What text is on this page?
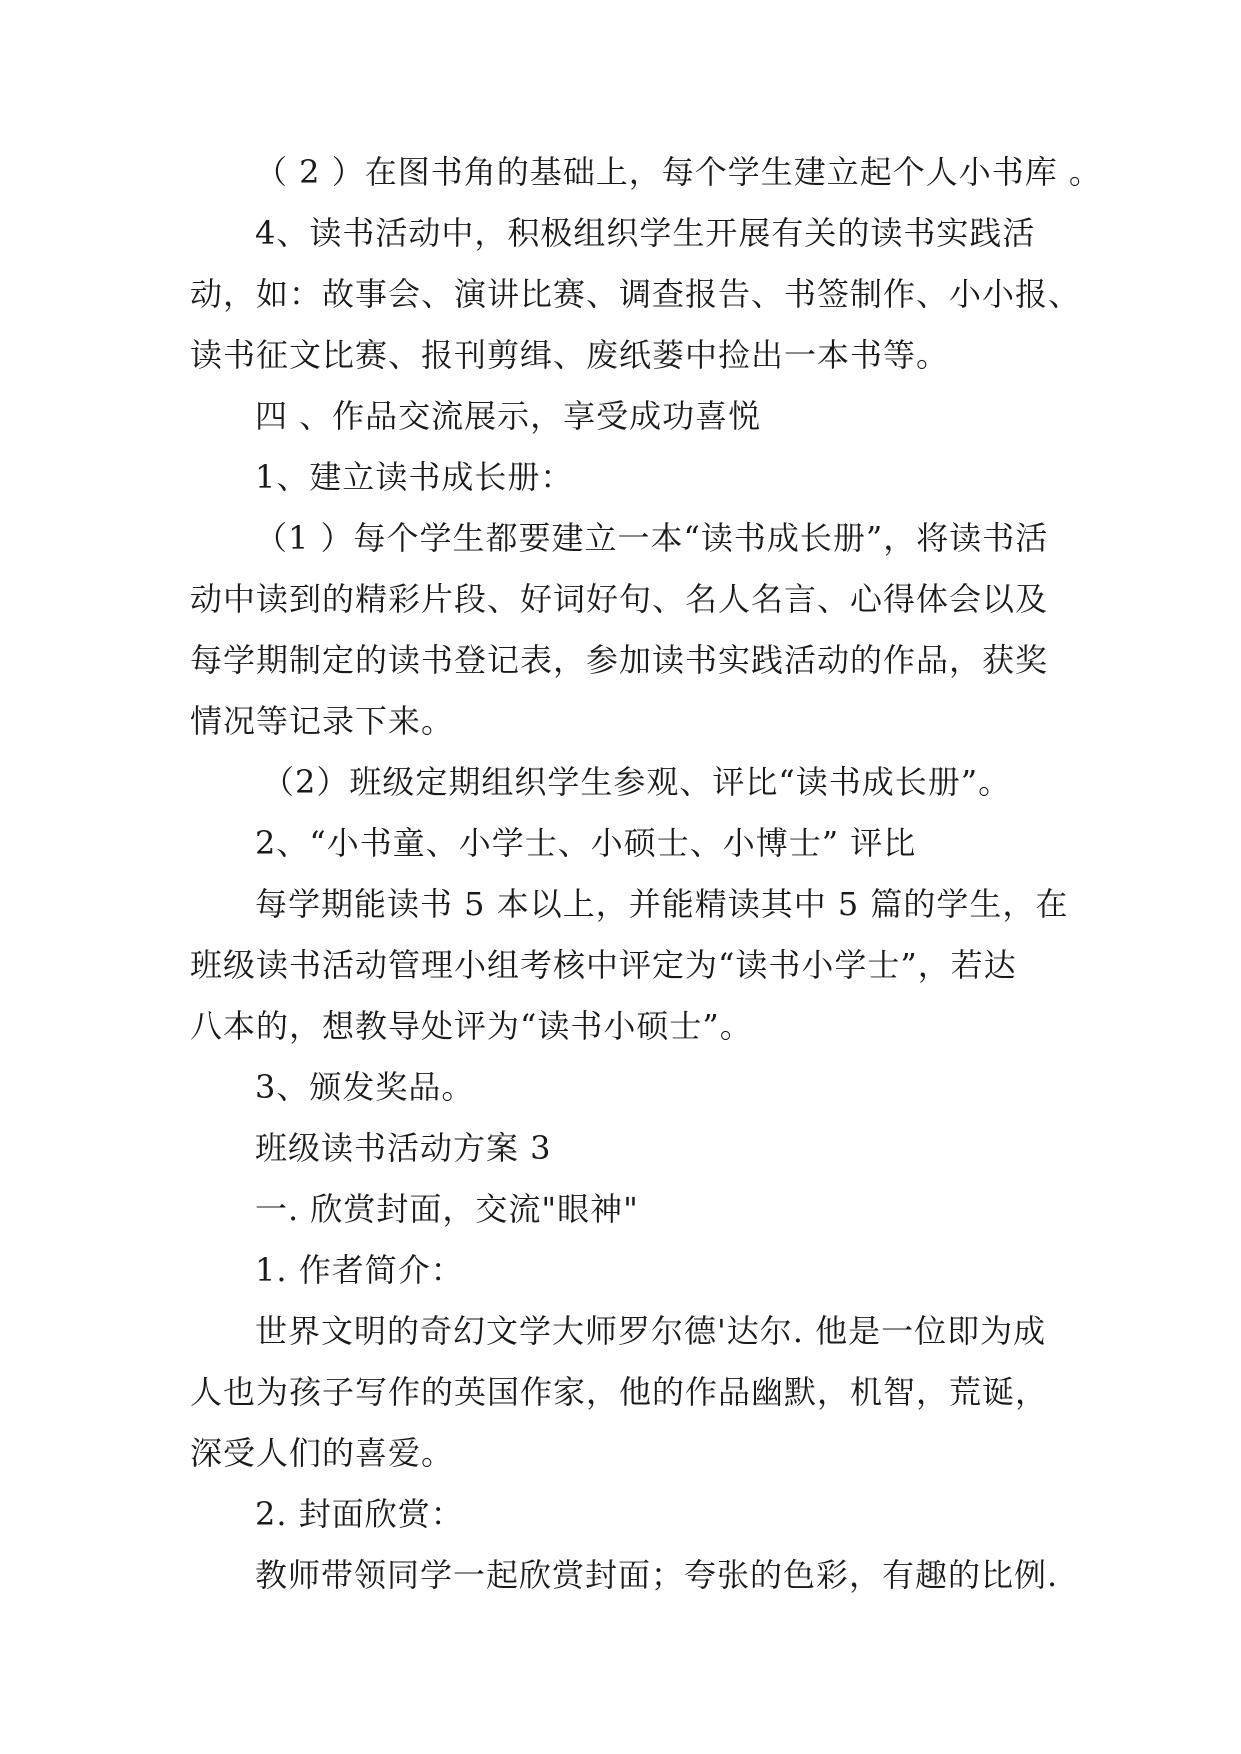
（ 2 ）在图书角的基础上，每个学生建立起个人小书库 。
4、读书活动中，积极组织学生开展有关的读书实践活
动，如：故事会、演讲比赛、调查报告、书签制作、小小报、
读书征文比赛、报刊剪缉、废纸蒌中捡出一本书等。
四 、作品交流展示，享受成功喜悦
1、建立读书成长册：
（1 ）每个学生都要建立一本“读书成长册”，将读书活
动中读到的精彩片段、好词好句、名人名言、心得体会以及
每学期制定的读书登记表，参加读书实践活动的作品，获奖
情况等记录下来。
（2）班级定期组织学生参观、评比“读书成长册”。
2、“小书童、小学士、小硕士、小博士” 评比
每学期能读书 5 本以上，并能精读其中 5 篇的学生，在
班级读书活动管理小组考核中评定为“读书小学士”，若达
八本的，想教导处评为“读书小硕士”。
3、颁发奖品。
班级读书活动方案 3
一. 欣赏封面，交流"眼神"
1. 作者简介：
世界文明的奇幻文学大师罗尔德'达尔. 他是一位即为成
人也为孩子写作的英国作家，他的作品幽默，机智，荒诞，
深受人们的喜爱。
2. 封面欣赏：
教师带领同学一起欣赏封面；夸张的色彩，有趣的比例.
